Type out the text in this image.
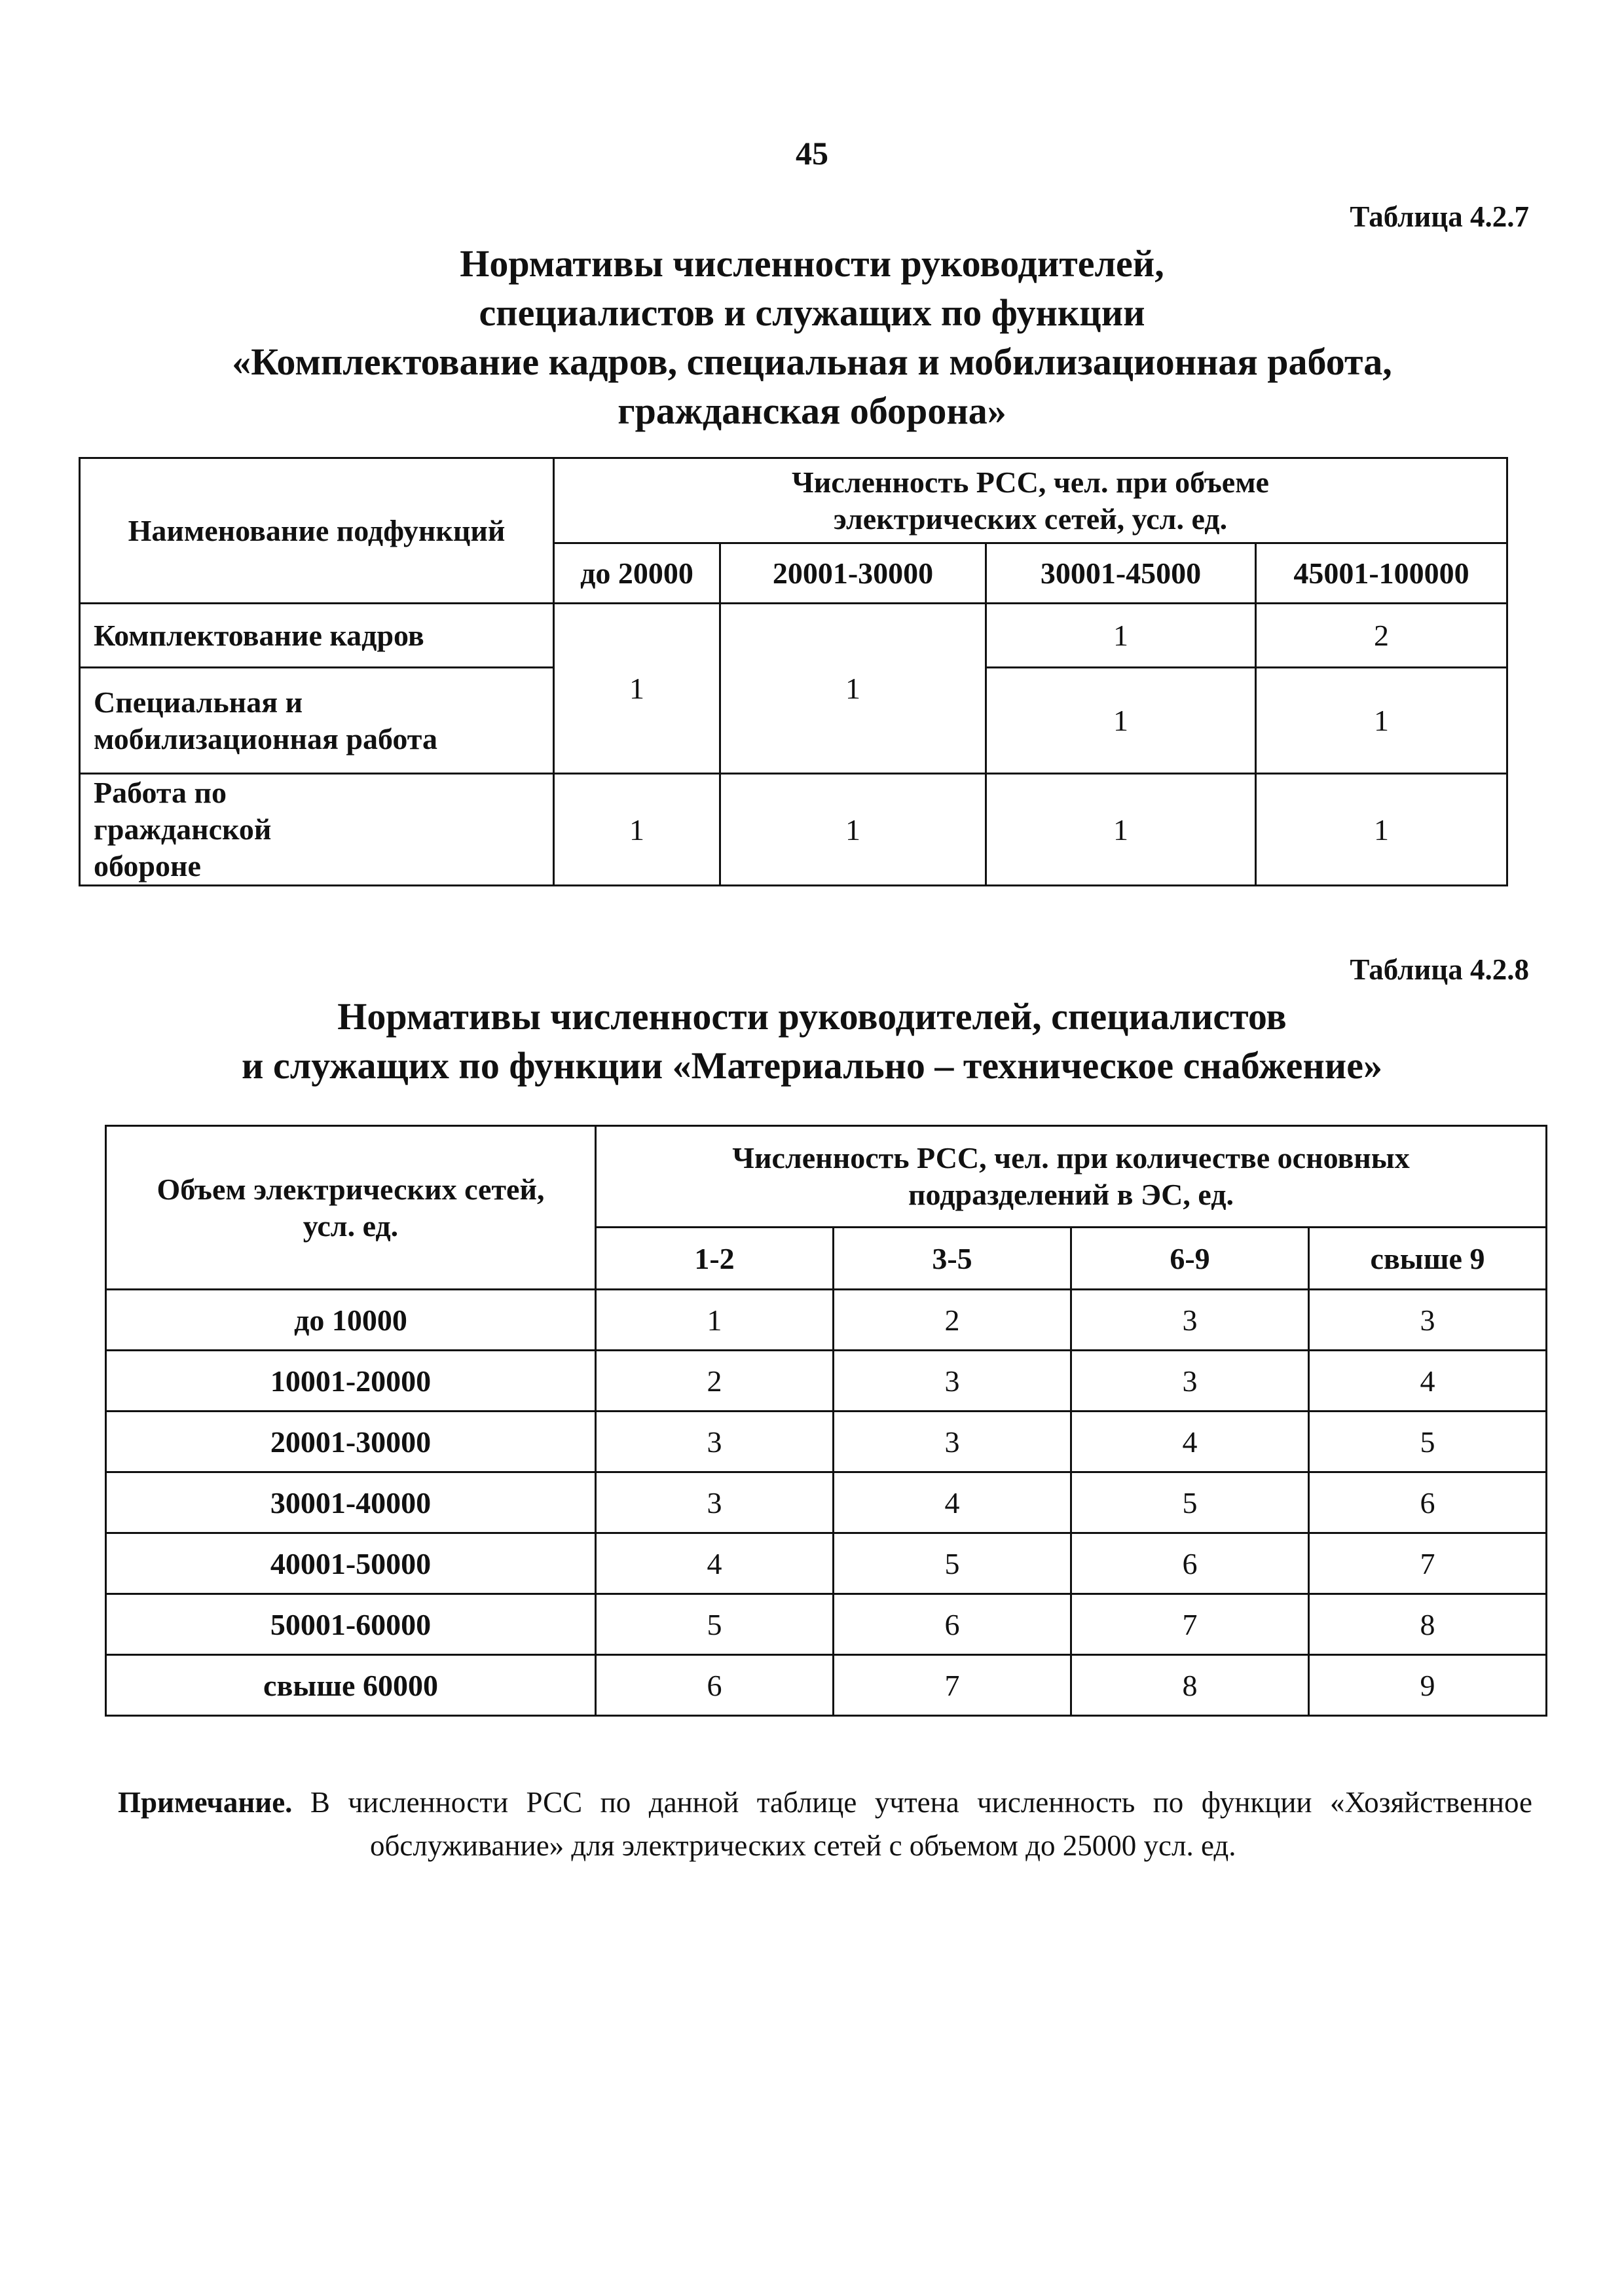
45
Таблица 4.2.7
Нормативы численности руководителей,
специалистов и служащих по функции
«Комплектование кадров, специальная и мобилизационная работа,
гражданская оборона»
Наименование подфункций	Численность РСС, чел. при объеме электрических сетей, усл. ед.			
	до 20000	20001-30000	30001-45000	45001-100000
Комплектование кадров	1	1	1	2
Специальная и мобилизационная работа			1	1
Работа по гражданской обороне	1	1	1	1
Таблица 4.2.8
Нормативы численности руководителей, специалистов
и служащих по функции «Материально – техническое снабжение»
Объем электрических сетей, усл. ед.	Численность РСС, чел. при количестве основных подразделений в ЭС, ед.			
	1-2	3-5	6-9	свыше 9
до 10000	1	2	3	3
10001-20000	2	3	3	4
20001-30000	3	3	4	5
30001-40000	3	4	5	6
40001-50000	4	5	6	7
50001-60000	5	6	7	8
свыше 60000	6	7	8	9
Примечание. В численности РСС по данной таблице учтена численность по функции «Хозяйственное обслуживание» для электрических сетей с объемом до 25000 усл. ед.
